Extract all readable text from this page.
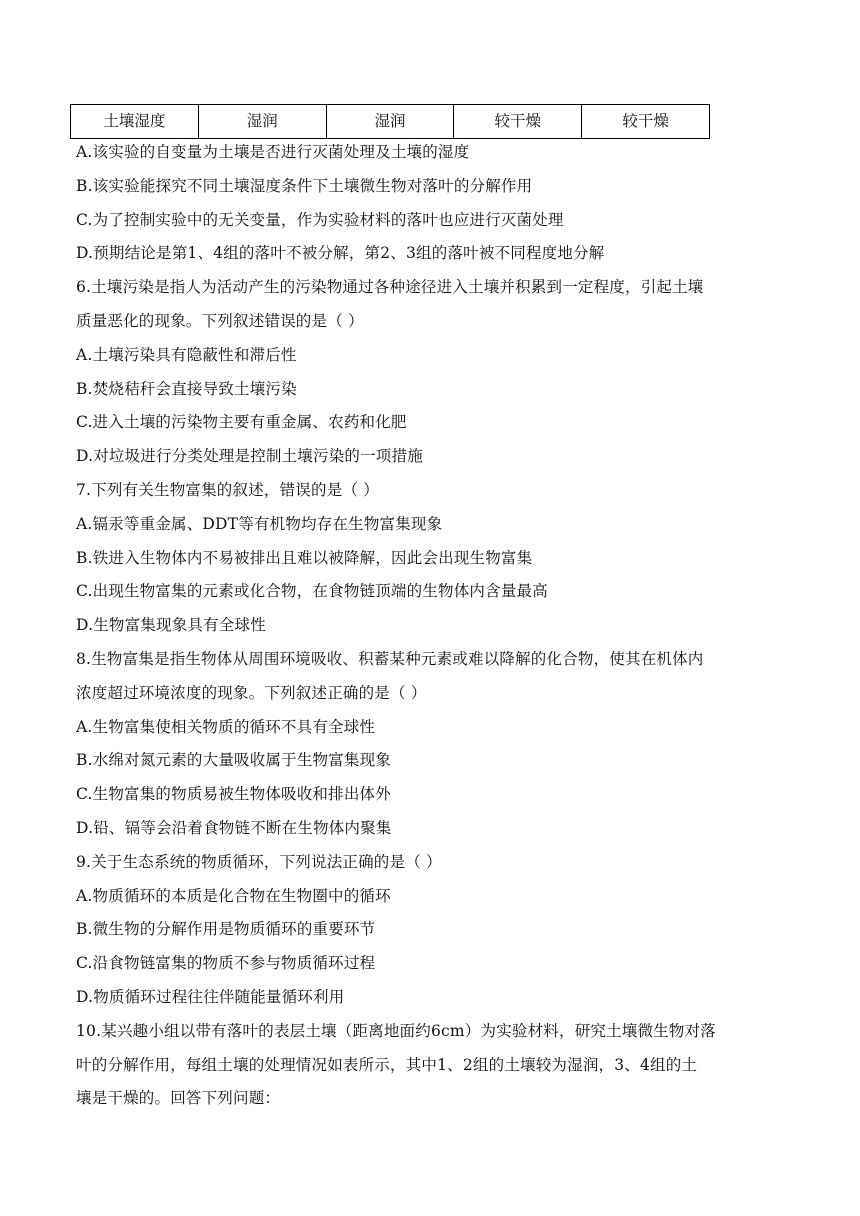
土壤湿度	湿润	湿润	较干燥	较干燥
A.该实验的自变量为土壤是否进行灭菌处理及土壤的湿度
B.该实验能探究不同土壤湿度条件下土壤微生物对落叶的分解作用
C.为了控制实验中的无关变量，作为实验材料的落叶也应进行灭菌处理
D.预期结论是第1、4组的落叶不被分解，第2、3组的落叶被不同程度地分解
6.土壤污染是指人为活动产生的污染物通过各种途径进入土壤并积累到一定程度，引起土壤
质量恶化的现象。下列叙述错误的是（ ）
A.土壤污染具有隐蔽性和滞后性
B.焚烧秸秆会直接导致土壤污染
C.进入土壤的污染物主要有重金属、农药和化肥
D.对垃圾进行分类处理是控制土壤污染的一项措施
7.下列有关生物富集的叙述，错误的是（ ）
A.镉汞等重金属、DDT等有机物均存在生物富集现象
B.铁进入生物体内不易被排出且难以被降解，因此会出现生物富集
C.出现生物富集的元素或化合物，在食物链顶端的生物体内含量最高
D.生物富集现象具有全球性
8.生物富集是指生物体从周围环境吸收、积蓄某种元素或难以降解的化合物，使其在机体内
浓度超过环境浓度的现象。下列叙述正确的是（ ）
A.生物富集使相关物质的循环不具有全球性
B.水绵对氮元素的大量吸收属于生物富集现象
C.生物富集的物质易被生物体吸收和排出体外
D.铅、镉等会沿着食物链不断在生物体内聚集
9.关于生态系统的物质循环，下列说法正确的是（ ）
A.物质循环的本质是化合物在生物圈中的循环
B.微生物的分解作用是物质循环的重要环节
C.沿食物链富集的物质不参与物质循环过程
D.物质循环过程往往伴随能量循环利用
10.某兴趣小组以带有落叶的表层土壤（距离地面约6cm）为实验材料，研究土壤微生物对落
叶的分解作用，每组土壤的处理情况如表所示，其中1、2组的土壤较为湿润，3、4组的土
壤是干燥的。回答下列问题：
